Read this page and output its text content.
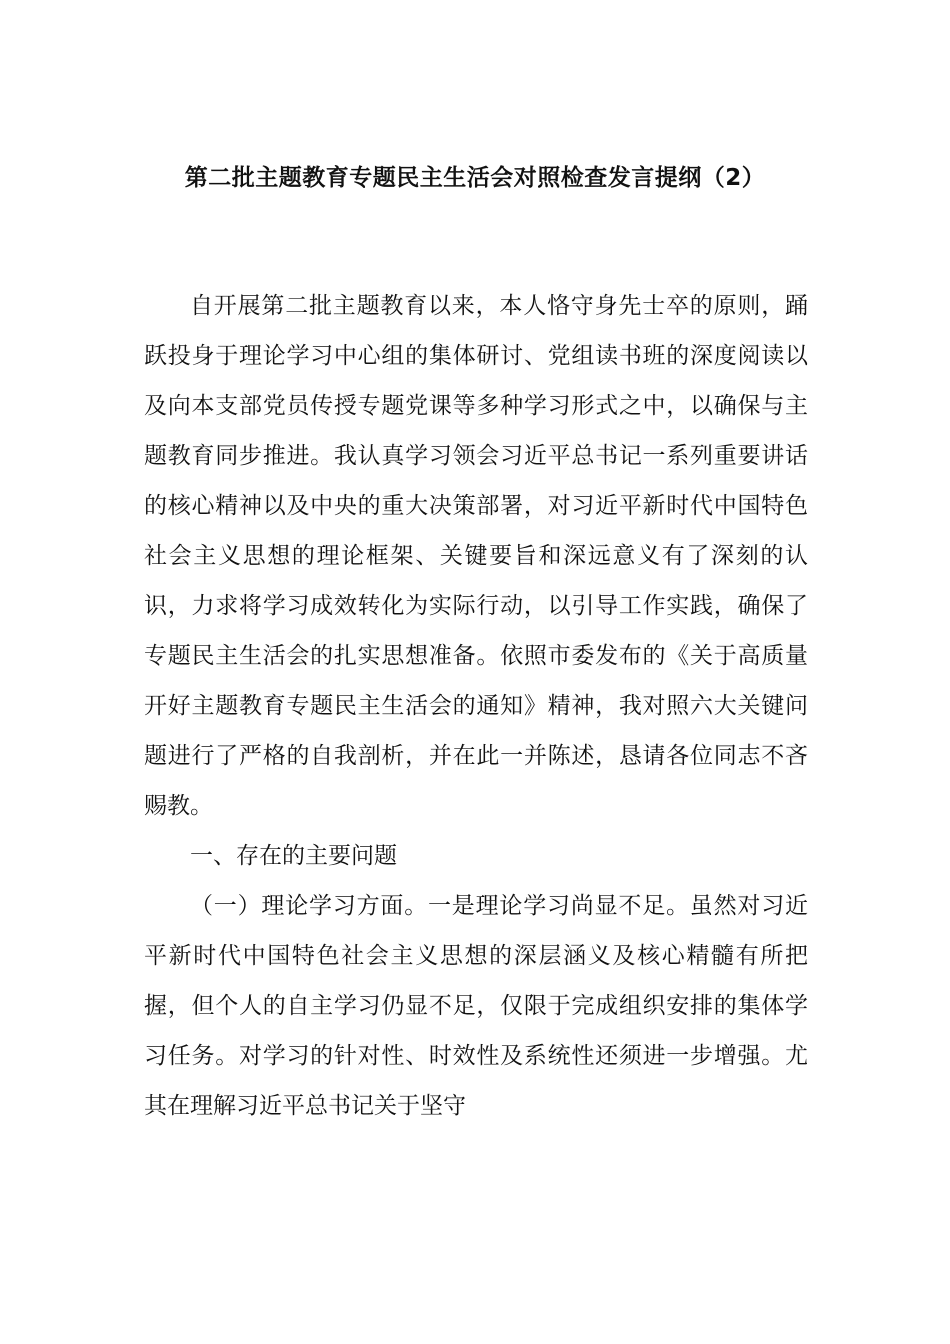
第二批主题教育专题民主生活会对照检查发言提纲（2）

自开展第二批主题教育以来，本人恪守身先士卒的原则，踊跃投身于理论学习中心组的集体研讨、党组读书班的深度阅读以及向本支部党员传授专题党课等多种学习形式之中，以确保与主题教育同步推进。我认真学习领会习近平总书记一系列重要讲话的核心精神以及中央的重大决策部署，对习近平新时代中国特色社会主义思想的理论框架、关键要旨和深远意义有了深刻的认识，力求将学习成效转化为实际行动，以引导工作实践，确保了专题民主生活会的扎实思想准备。依照市委发布的《关于高质量开好主题教育专题民主生活会的通知》精神，我对照六大关键问题进行了严格的自我剖析，并在此一并陈述，恳请各位同志不吝赐教。

一、存在的主要问题

（一）理论学习方面。一是理论学习尚显不足。虽然对习近平新时代中国特色社会主义思想的深层涵义及核心精髓有所把握，但个人的自主学习仍显不足，仅限于完成组织安排的集体学习任务。对学习的针对性、时效性及系统性还须进一步增强。尤其在理解习近平总书记关于坚守
